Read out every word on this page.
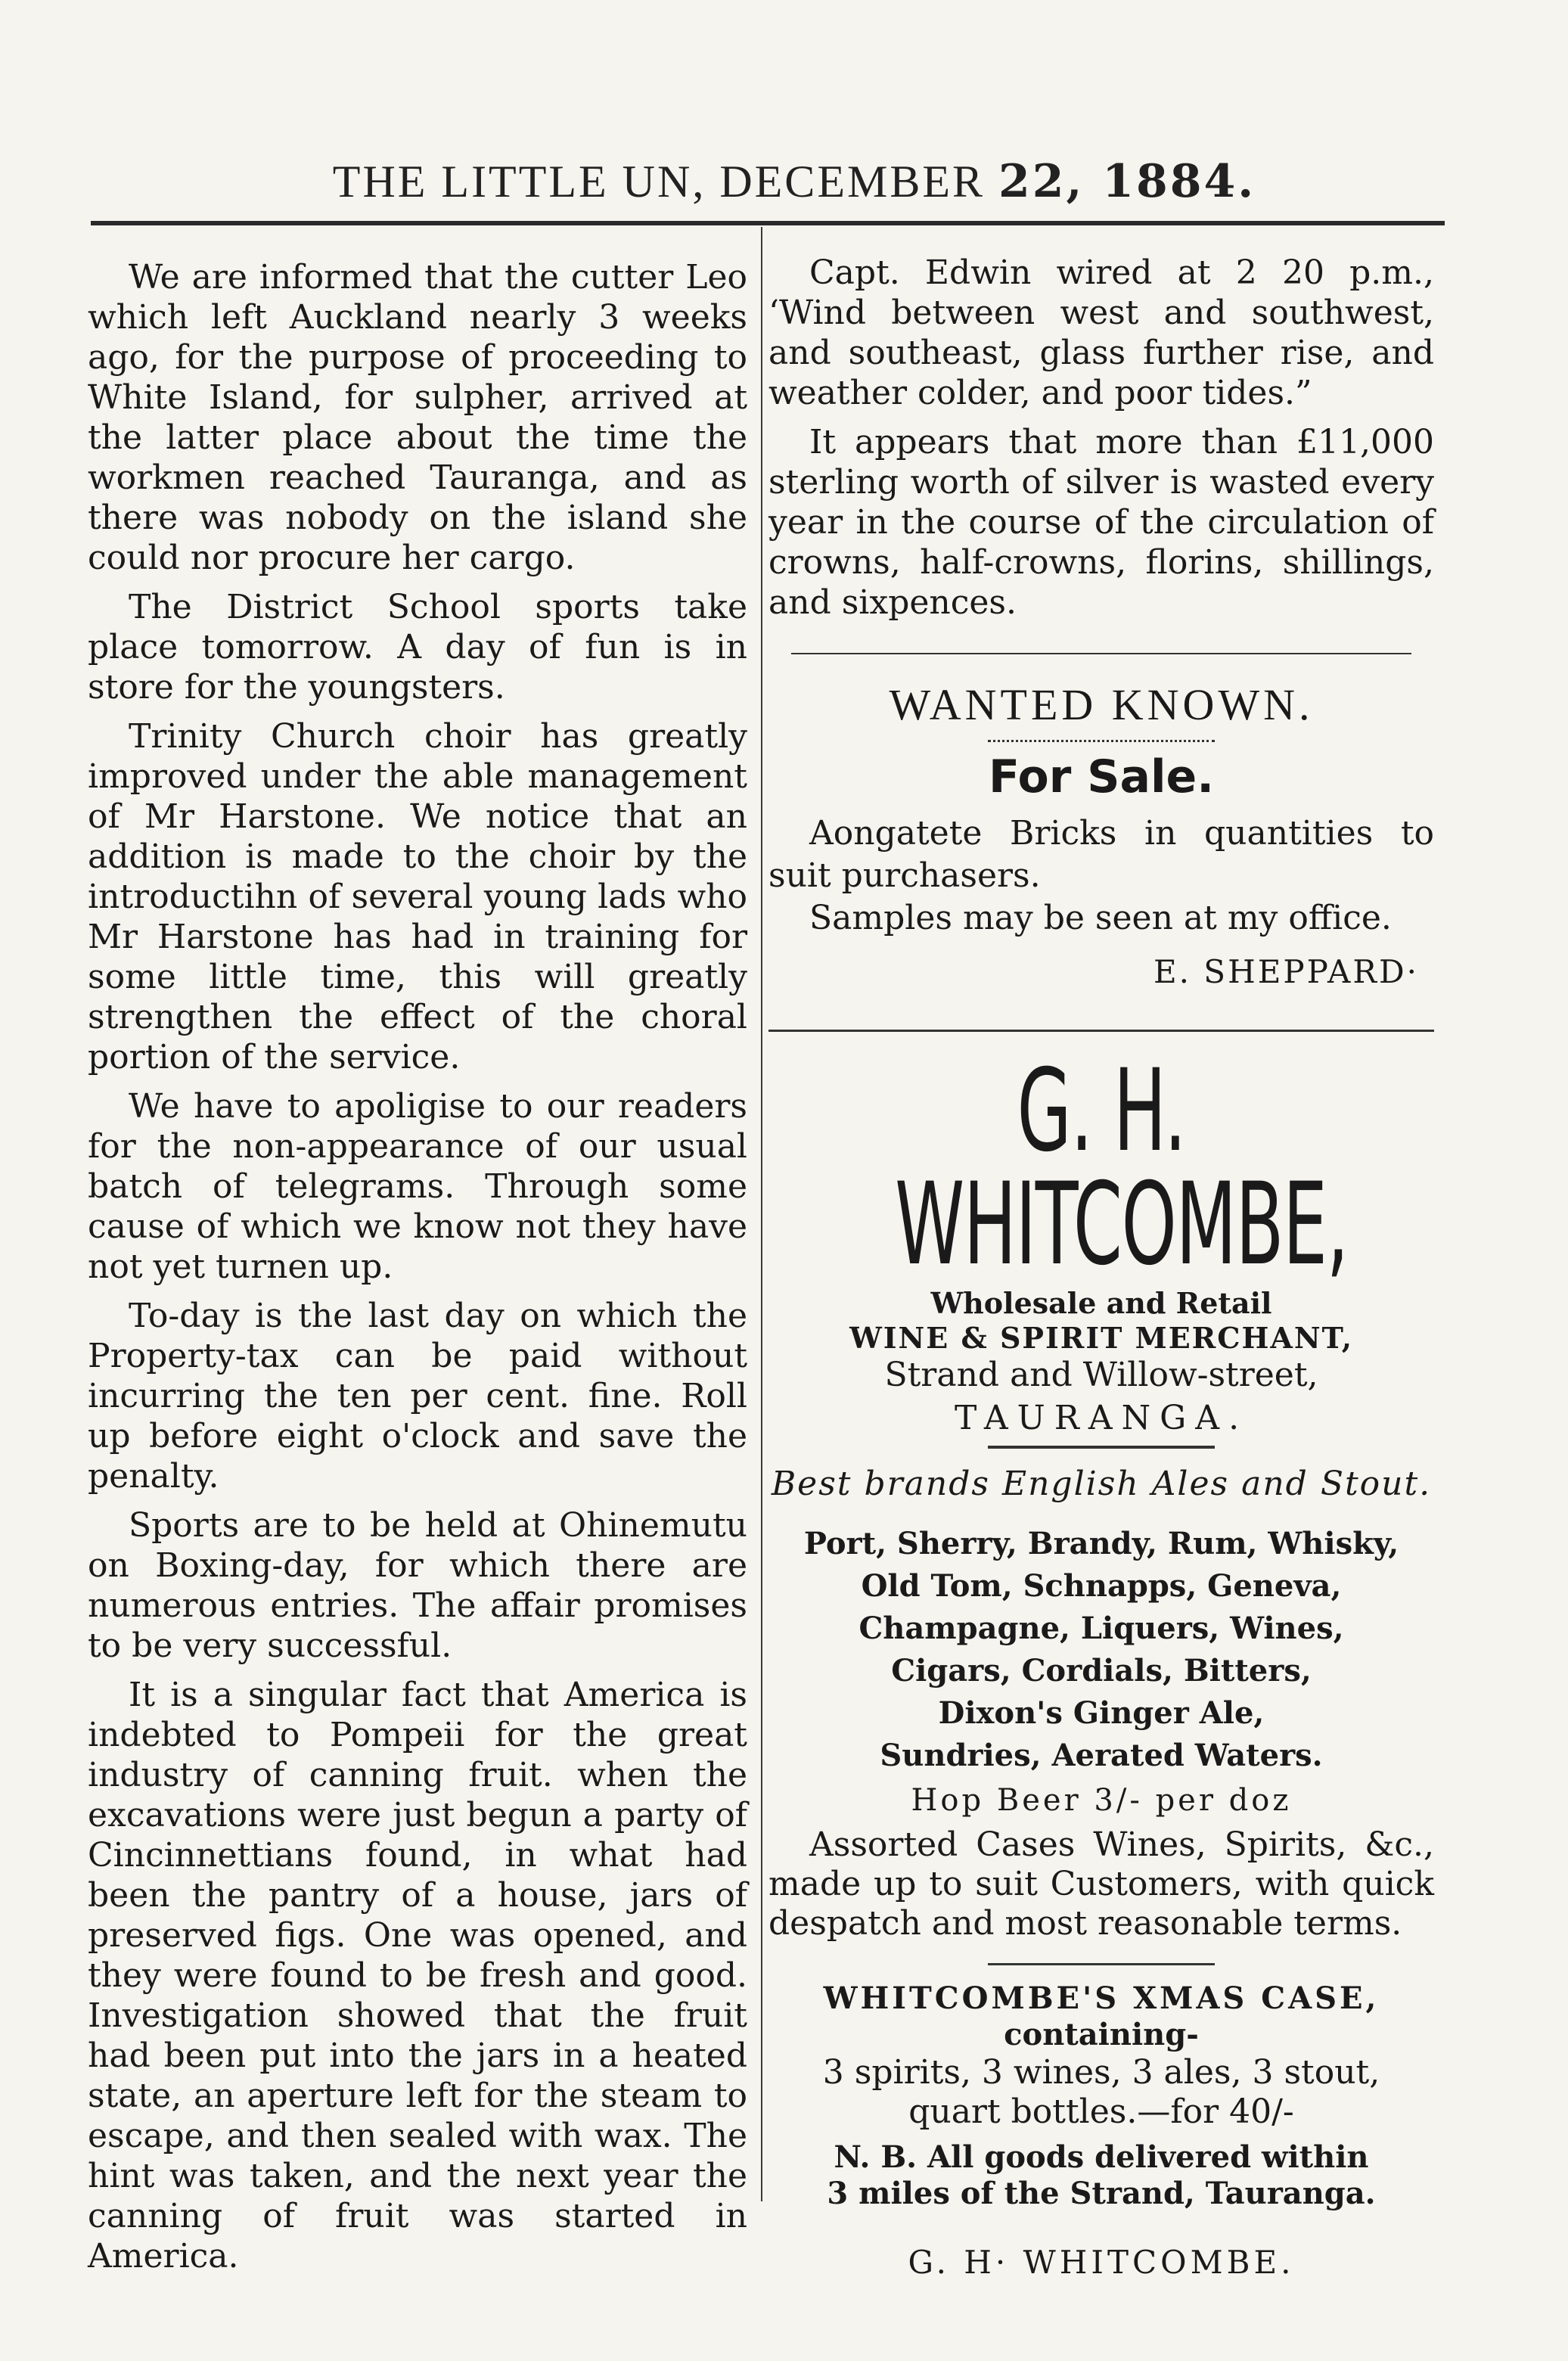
THE LITTLE UN, DECEMBER 22, 1884.

We are informed that the cutter Leo which left Auckland nearly 3 weeks ago, for the purpose of proceeding to White Island, for sulpher, arrived at the latter place about the time the workmen reached Tauranga, and as there was nobody on the island she could nor procure her cargo.

The District School sports take place tomorrow. A day of fun is in store for the youngsters.

Trinity Church choir has greatly improved under the able management of Mr Harstone. We notice that an addition is made to the choir by the introductihn of several young lads who Mr Harstone has had in training for some little time, this will greatly strengthen the effect of the choral portion of the service.

We have to apoligise to our readers for the non-appearance of our usual batch of telegrams. Through some cause of which we know not they have not yet turnen up.

To-day is the last day on which the Property-tax can be paid without incurring the ten per cent. fine. Roll up before eight o'clock and save the penalty.

Sports are to be held at Ohinemutu on Boxing-day, for which there are numerous entries. The affair promises to be very successful.

It is a singular fact that America is indebted to Pompeii for the great industry of canning fruit. when the excavations were just begun a party of Cincinnettians found, in what had been the pantry of a house, jars of preserved figs. One was opened, and they were found to be fresh and good. Investigation showed that the fruit had been put into the jars in a heated state, an aperture left for the steam to escape, and then sealed with wax. The hint was taken, and the next year the canning of fruit was started in America.

Capt. Edwin wired at 2 20 p.m., ‘Wind between west and southwest, and southeast, glass further rise, and weather colder, and poor tides.”

It appears that more than £11,000 sterling worth of silver is wasted every year in the course of the circulation of crowns, half-crowns, florins, shillings, and sixpences.

WANTED KNOWN.
For Sale.

Aongatete Bricks in quantities to suit purchasers.

Samples may be seen at my office.

E. SHEPPARD·
G. H. WHITCOMBE,

Wholesale and Retail

WINE & SPIRIT MERCHANT,

Strand and Willow-street,

TAURANGA.

Best brands English Ales and Stout.

Port, Sherry, Brandy, Rum, Whisky,

Old Tom, Schnapps, Geneva,

Champagne, Liquers, Wines,

Cigars, Cordials, Bitters,

Dixon's Ginger Ale,

Sundries, Aerated Waters.

Hop Beer 3/- per doz

Assorted Cases Wines, Spirits, &c., made up to suit Customers, with quick despatch and most reasonable terms.

WHITCOMBE'S XMAS CASE,

containing-

3 spirits, 3 wines, 3 ales, 3 stout,

quart bottles.—for 40/-

N. B. All goods delivered within

3 miles of the Strand, Tauranga.

G. H· WHITCOMBE.
